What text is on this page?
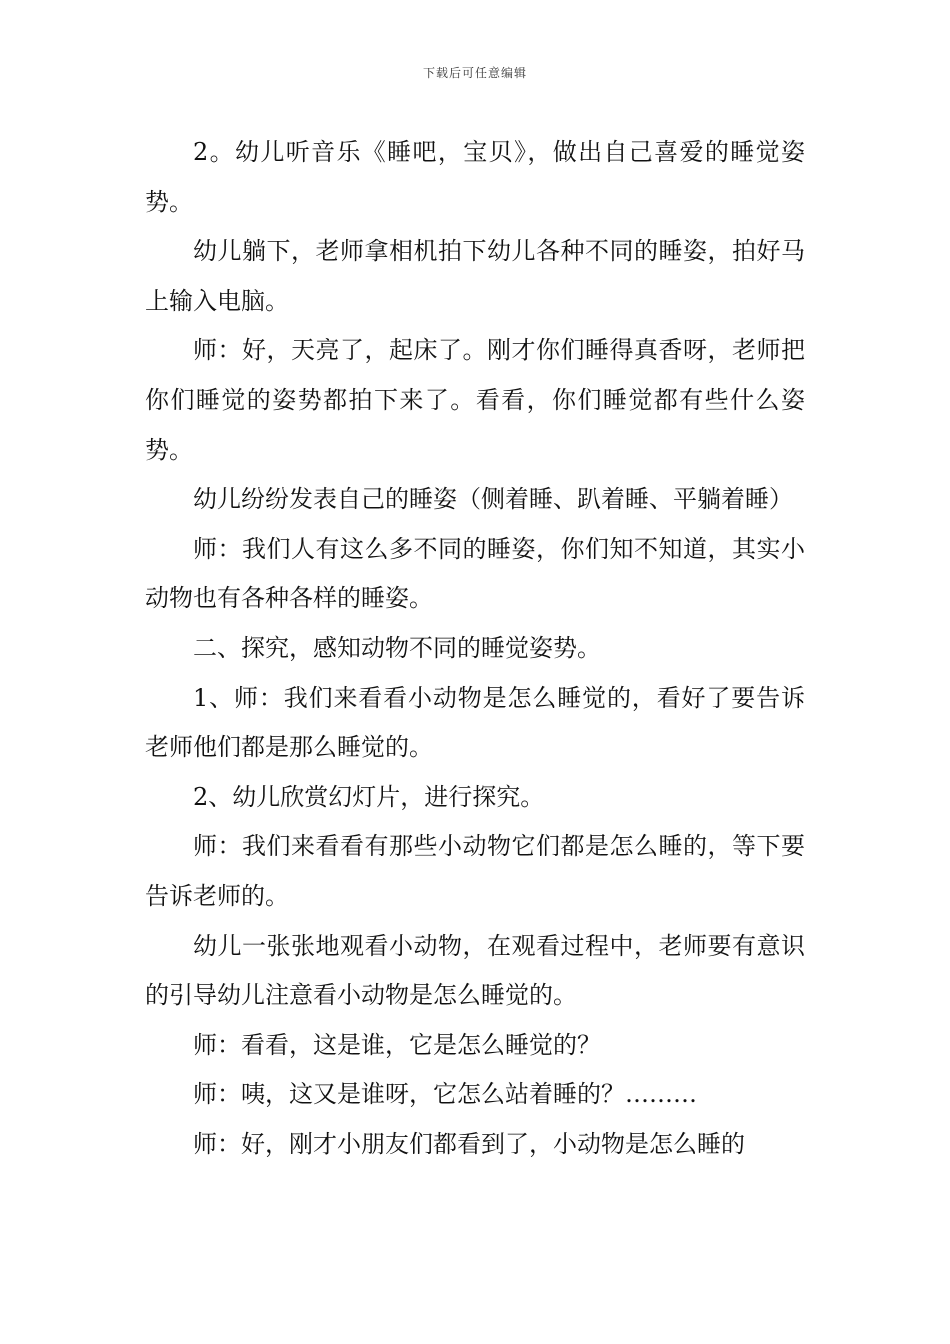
下载后可任意编辑

2。幼儿听音乐《睡吧，宝贝》，做出自己喜爱的睡觉姿势。

幼儿躺下，老师拿相机拍下幼儿各种不同的睡姿，拍好马上输入电脑。

师：好，天亮了，起床了。刚才你们睡得真香呀，老师把你们睡觉的姿势都拍下来了。看看，你们睡觉都有些什么姿势。

幼儿纷纷发表自己的睡姿（侧着睡、趴着睡、平躺着睡）

师：我们人有这么多不同的睡姿，你们知不知道，其实小动物也有各种各样的睡姿。

二、探究，感知动物不同的睡觉姿势。

1、师：我们来看看小动物是怎么睡觉的，看好了要告诉老师他们都是那么睡觉的。

2、幼儿欣赏幻灯片，进行探究。

师：我们来看看有那些小动物它们都是怎么睡的，等下要告诉老师的。

幼儿一张张地观看小动物，在观看过程中，老师要有意识的引导幼儿注意看小动物是怎么睡觉的。

师：看看，这是谁，它是怎么睡觉的？

师：咦，这又是谁呀，它怎么站着睡的？………

师：好，刚才小朋友们都看到了，小动物是怎么睡的
